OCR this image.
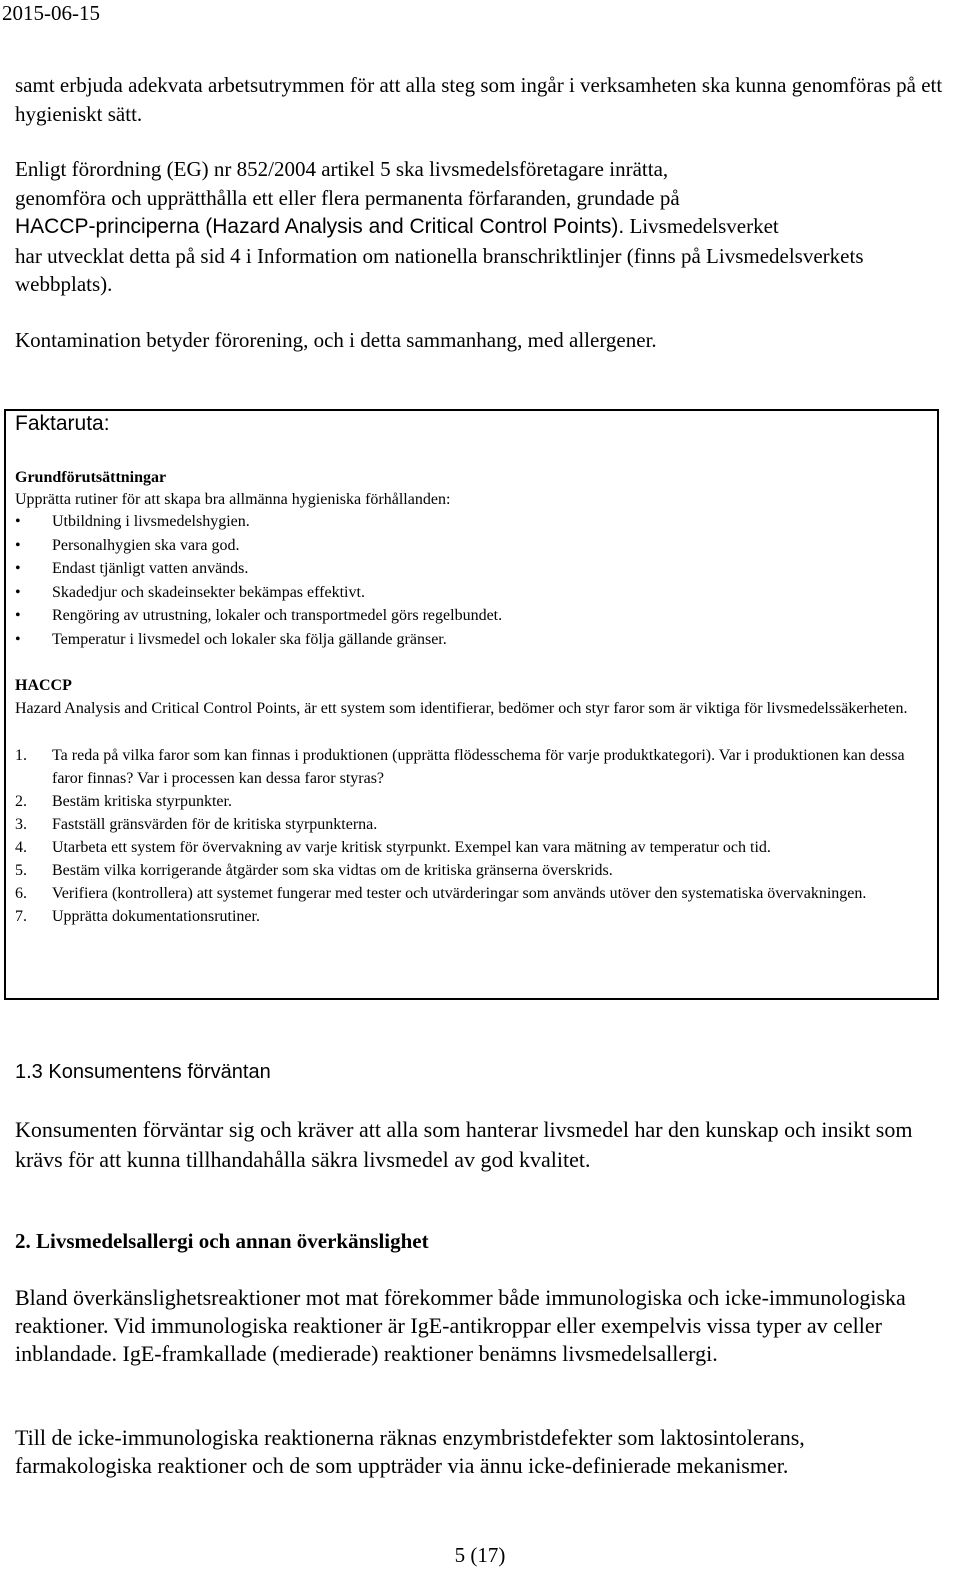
2015-06-15

samt erbjuda adekvata arbetsutrymmen för att alla steg som ingår i verksamheten ska kunna genomföras på ett hygieniskt sätt.

Enligt förordning (EG) nr 852/2004 artikel 5 ska livsmedelsföretagare inrätta,
genomföra och upprätthålla ett eller flera permanenta förfaranden, grundade på
HACCP-principerna (Hazard Analysis and Critical Control Points). Livsmedelsverket
har utvecklat detta på sid 4 i Information om nationella branschriktlinjer (finns på Livsmedelsverkets webbplats).

Kontamination betyder förorening, och i detta sammanhang, med allergener.

Faktaruta:
Grundförutsättningar
Upprätta rutiner för att skapa bra allmänna hygieniska förhållanden:
• Utbildning i livsmedelshygien.
• Personalhygien ska vara god.
• Endast tjänligt vatten används.
• Skadedjur och skadeinsekter bekämpas effektivt.
• Rengöring av utrustning, lokaler och transportmedel görs regelbundet.
• Temperatur i livsmedel och lokaler ska följa gällande gränser.
HACCP

Hazard Analysis and Critical Control Points, är ett system som identifierar, bedömer och styr faror som är viktiga för livsmedelssäkerheten.

1. Ta reda på vilka faror som kan finnas i produktionen (upprätta flödesschema för varje produktkategori). Var i produktionen kan dessa faror finnas? Var i processen kan dessa faror styras?
2. Bestäm kritiska styrpunkter.
3. Fastställ gränsvärden för de kritiska styrpunkterna.
4. Utarbeta ett system för övervakning av varje kritisk styrpunkt. Exempel kan vara mätning av temperatur och tid.
5. Bestäm vilka korrigerande åtgärder som ska vidtas om de kritiska gränserna överskrids.
6. Verifiera (kontrollera) att systemet fungerar med tester och utvärderingar som används utöver den systematiska övervakningen.
7. Upprätta dokumentationsrutiner.
1.3 Konsumentens förväntan

Konsumenten förväntar sig och kräver att alla som hanterar livsmedel har den kunskap och insikt som krävs för att kunna tillhandahålla säkra livsmedel av god kvalitet.

2. Livsmedelsallergi och annan överkänslighet

Bland överkänslighetsreaktioner mot mat förekommer både immunologiska och icke-immunologiska reaktioner. Vid immunologiska reaktioner är IgE-antikroppar eller exempelvis vissa typer av celler inblandade. IgE-framkallade (medierade) reaktioner benämns livsmedelsallergi.

Till de icke-immunologiska reaktionerna räknas enzymbristdefekter som laktosintolerans, farmakologiska reaktioner och de som uppträder via ännu icke-definierade mekanismer.

5 (17)
